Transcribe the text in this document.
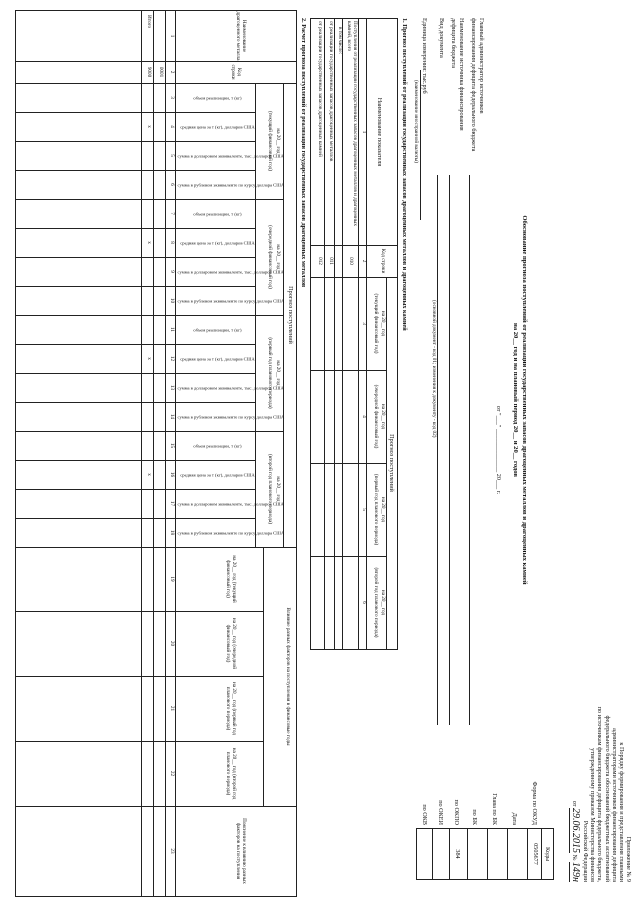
Приложение № 9
к Порядку формирования и представления главными
администраторами источников финансирования дефицита
федерального бюджета обоснований бюджетных ассигнований
по источникам финансирования дефицита федерального бюджета,
утвержденному приказом Министерства финансов
Российской Федерации
от 29.06.2015 № 149н
Коды
0505677
384
Форма по ОКУД
Дата
Глава по БК
по БК
по ОКПО
по ОКЕИ
по ОКВ
Обоснование прогноза поступлений от реализации государственных запасов драгоценных металлов и драгоценных камней
на 20__ год и на плановый период 20__ и 20__ годов
от "___" ______________ 20___ г.
Главный администратор источников
финансирования дефицита федерального бюджета
Наименование источника финансирования
дефицита бюджета
Вид документа
(основной документ - код 01; изменения к документу - код 02)
Единица измерения: тыс.руб
(наименование иностранной валюты)
1. Прогноз поступлений от реализации государственных запасов драгоценных металлов и драгоценных камней
Наименование показателя
Код строки
Прогноз поступлений
на 20__ год
(текущий финансовый год)
на 20__ год
(очередной финансовый год)
на 20__ год
(первый год планового периода)
на 20__ год
(второй год планового периода)
1
2
3
4
5
6
Поступления от реализации государственных запасов драгоценных металлов и драгоценных камней, всего
010
в том числе:
от реализации государственных запасов драгоценных металлов
011
от реализации государственных запасов драгоценных камней
012
2. Расчет прогноза поступлений от реализации государственных запасов драгоценных металлов
Наименование драгоценного металла
Код строки
Прогноз поступлений
на 20__ год
(текущий финансовый год)
на 20__ год
(очередной финансовый год)
на 20__ год
(первый год планового периода)
на 20__ год
(второй год планового периода)
объем реализации, т (кг)
средняя цена за т (кг), долларов США
сумма в долларовом эквиваленте, тыс. долларов США
сумма в рублевом эквиваленте по курсу доллара США
объем реализации, т (кг)
средняя цена за т (кг), долларов США
сумма в долларовом эквиваленте, тыс. долларов США
сумма в рублевом эквиваленте по курсу доллара США
объем реализации, т (кг)
средняя цена за т (кг), долларов США
сумма в долларовом эквиваленте, тыс. долларов США
сумма в рублевом эквиваленте по курсу доллара США
объем реализации, т (кг)
средняя цена за т (кг), долларов США
сумма в долларовом эквиваленте, тыс. долларов США
сумма в рублевом эквиваленте по курсу доллара США
Влияние разных факторов на поступления в финансовые годы
на 20__ год (текущий финансовый год)
на 20__ год (очередной финансовый год)
на 20__ год (первый год планового периода)
на 20__ год (второй год планового периода)
Пояснение к влиянию разных факторов на поступления
1
2
3
4
5
6
7
8
9
10
11
12
13
14
15
16
17
18
19
20
21
22
23
0001
Итого
9000
x
x
x
x
